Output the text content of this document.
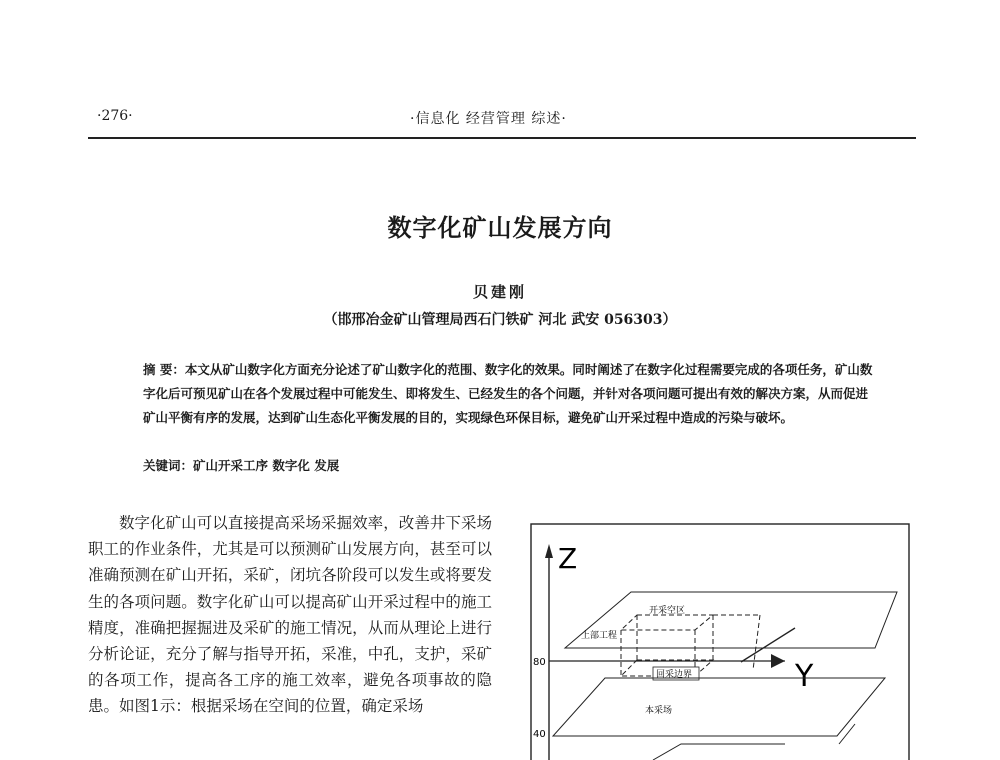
·276·	·信息化 经营管理 综述·
数字化矿山发展方向
贝建刚
（邯邢冶金矿山管理局西石门铁矿 河北 武安 056303）
摘 要：本文从矿山数字化方面充分论述了矿山数字化的范围、数字化的效果。同时阐述了在数字化过程需要完成的各项任务，矿山数字化后可预见矿山在各个发展过程中可能发生、即将发生、已经发生的各个问题，并针对各项问题可提出有效的解决方案，从而促进矿山平衡有序的发展，达到矿山生态化平衡发展的目的，实现绿色环保目标，避免矿山开采过程中造成的污染与破坏。
关键词：矿山开采工序 数字化 发展

数字化矿山可以直接提高采场采掘效率，改善井下采场职工的作业条件，尤其是可以预测矿山发展方向，甚至可以准确预测在矿山开拓，采矿，闭坑各阶段可以发生或将要发生的各项问题。数字化矿山可以提高矿山开采过程中的施工精度，准确把握掘进及采矿的施工情况，从而从理论上进行分析论证，充分了解与指导开拓，采准，中孔，支护，采矿的各项工作，提高各工序的施工效率，避免各项事故的隐患。如图1示：根据采场在空间的位置，确定采场

Z
80
40
上部工程
Y
开采空区
回采边界
本采场
